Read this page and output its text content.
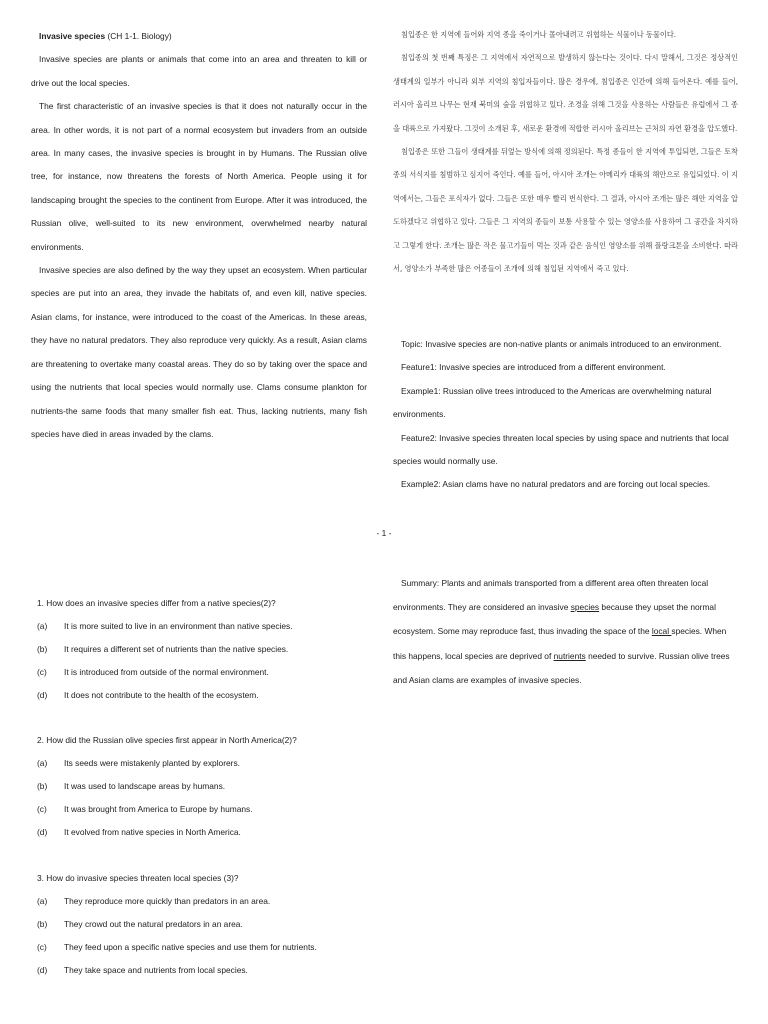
Invasive species (CH 1-1. Biology)

Invasive species are plants or animals that come into an area and threaten to kill or drive out the local species.

The first characteristic of an invasive species is that it does not naturally occur in the area. In other words, it is not part of a normal ecosystem but invaders from an outside area. In many cases, the invasive species is brought in by Humans. The Russian olive tree, for instance, now threatens the forests of North America. People using it for landscaping brought the species to the continent from Europe. After it was introduced, the Russian olive, well-suited to its new environment, overwhelmed nearby natural environments.

Invasive species are also defined by the way they upset an ecosystem. When particular species are put into an area, they invade the habitats of, and even kill, native species. Asian clams, for instance, were introduced to the coast of the Americas. In these areas, they have no natural predators. They also reproduce very quickly. As a result, Asian clams are threatening to overtake many coastal areas. They do so by taking over the space and using the nutrients that local species would normally use. Clams consume plankton for nutrients-the same foods that many smaller fish eat. Thus, lacking nutrients, many fish species have died in areas invaded by the clams.

침입종은 한 지역에 들어와 지역 종을 죽이거나 몰아내려고 위협하는 식물이나 동물이다.

침입종의 첫 번째 특징은 그 지역에서 자연적으로 발생하지 않는다는 것이다. 다시 말해서, 그것은 정상적인 생태계의 일부가 아니라 외부 지역의 침입자들이다. 많은 경우에, 침입종은 인간에 의해 들어온다. 예를 들어, 러시아 올리브 나무는 현재 북미의 숲을 위협하고 있다. 조경을 위해 그것을 사용하는 사람들은 유럽에서 그 종을 대륙으로 가져왔다. 그것이 소개된 후, 새로운 환경에 적합한 러시아 올리브는 근처의 자연 환경을 압도했다.

침입종은 또한 그들이 생태계를 뒤엎는 방식에 의해 정의된다. 특정 종들이 한 지역에 투입되면, 그들은 토착종의 서식지를 침범하고 심지어 죽인다. 예를 들어, 아시아 조개는 아메리카 대륙의 해안으로 유입되었다. 이 지역에서는, 그들은 포식자가 없다. 그들은 또한 매우 빨리 번식한다. 그 결과, 아시아 조개는 많은 해안 지역을 압도하겠다고 위협하고 있다. 그들은 그 지역의 종들이 보통 사용할 수 있는 영양소를 사용하여 그 공간을 차지하고 그렇게 한다. 조개는 많은 작은 물고기들이 먹는 것과 같은 음식인 영양소를 위해 플랑크톤을 소비한다. 따라서, 영양소가 부족한 많은 어종들이 조개에 의해 침입된 지역에서 죽고 있다.

Topic: Invasive species are non-native plants or animals introduced to an environment.

Feature1: Invasive species are introduced from a different environment.

Example1: Russian olive trees introduced to the Americas are overwhelming natural environments.

Feature2: Invasive species threaten local species by using space and nutrients that local species would normally use.

Example2: Asian clams have no natural predators and are forcing out local species.

- 1 -

Summary: Plants and animals transported from a different area often threaten local environments. They are considered an invasive species because they upset the normal ecosystem. Some may reproduce fast, thus invading the space of the local species. When this happens, local species are deprived of nutrients needed to survive. Russian olive trees and Asian clams are examples of invasive species.

1. How does an invasive species differ from a native species(2)?
(a)	It is more suited to live in an environment than native species.
(b)	It requires a different set of nutrients than the native species.
(c)	It is introduced from outside of the normal environment.
(d)	It does not contribute to the health of the ecosystem.
2. How did the Russian olive species first appear in North America(2)?
(a)	Its seeds were mistakenly planted by explorers.
(b)	It was used to landscape areas by humans.
(c)	It was brought from America to Europe by humans.
(d)	It evolved from native species in North America.
3. How do invasive species threaten local species (3)?
(a)	They reproduce more quickly than predators in an area.
(b)	They crowd out the natural predators in an area.
(c)	They feed upon a specific native species and use them for nutrients.
(d)	They take space and nutrients from local species.
